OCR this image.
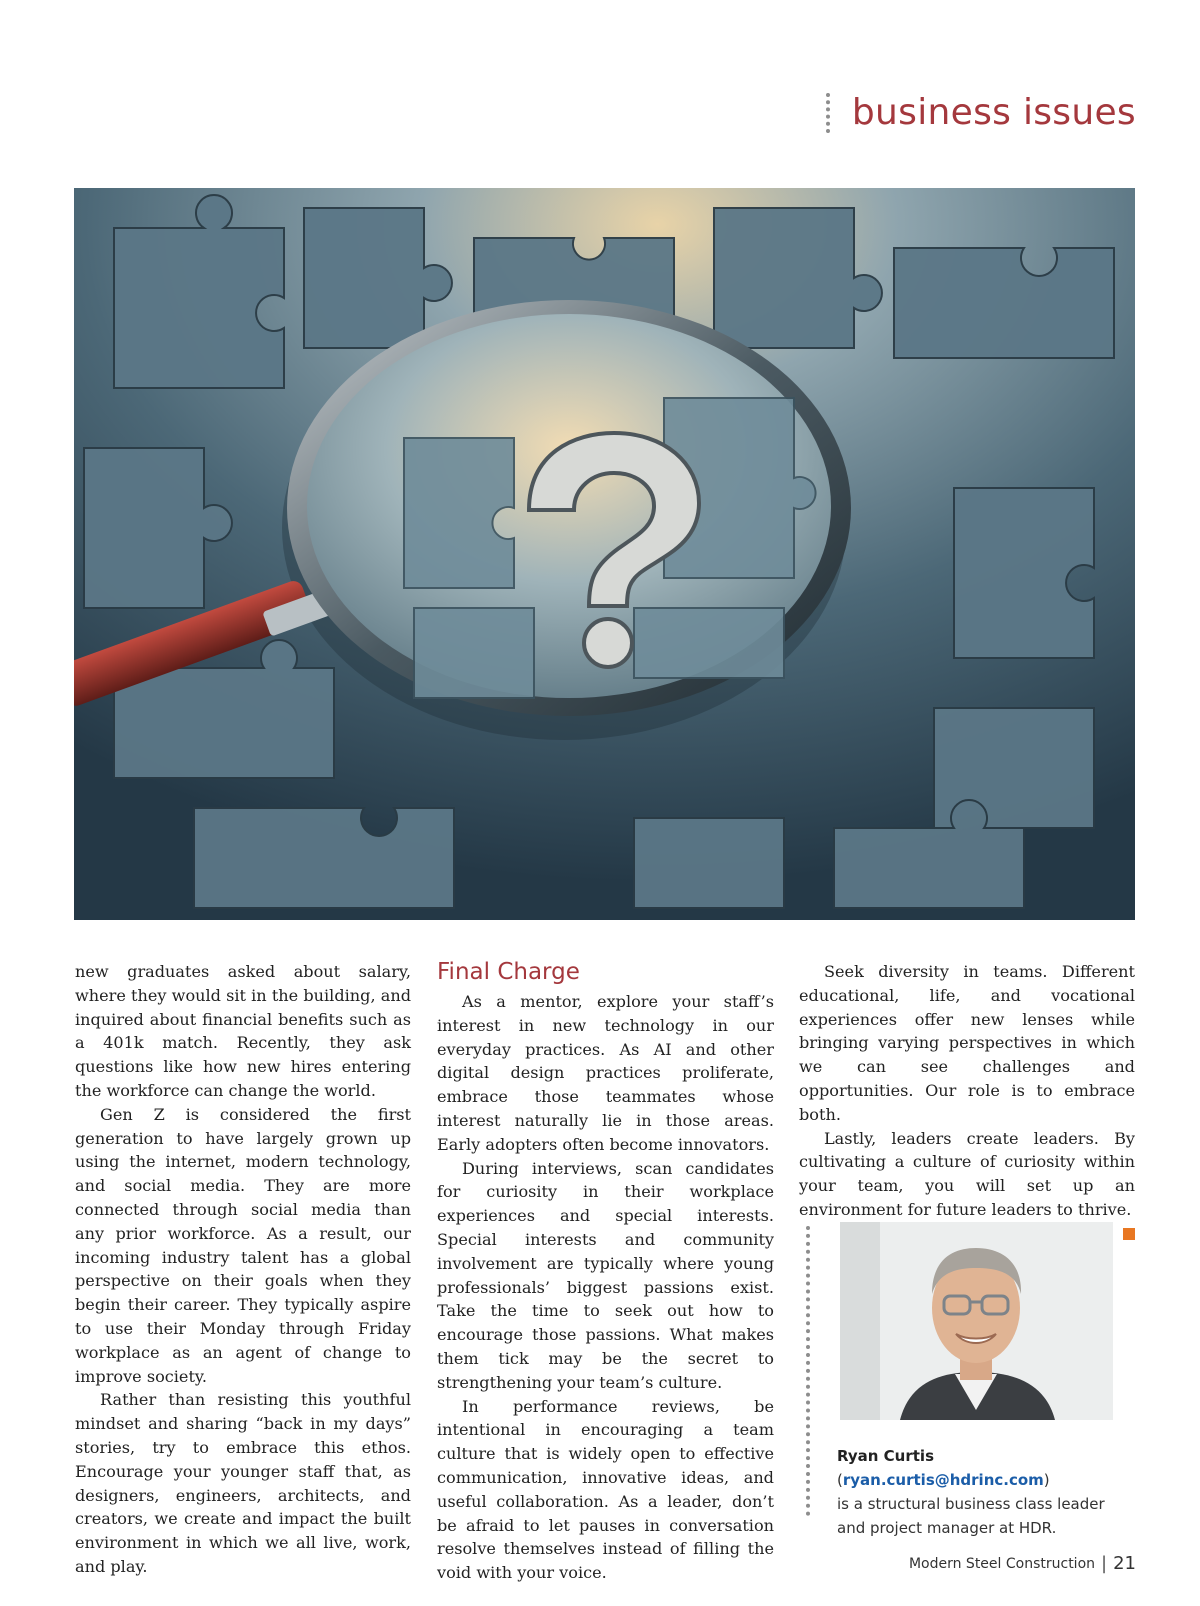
business issues

new graduates asked about salary, where they would sit in the building, and inquired about financial benefits such as a 401k match. Recently, they ask questions like how new hires entering the workforce can change the world.

Gen Z is considered the first generation to have largely grown up using the internet, modern technology, and social media. They are more connected through social media than any prior workforce. As a result, our incoming industry talent has a global perspective on their goals when they begin their career. They typically aspire to use their Monday through Friday workplace as an agent of change to improve society.

Rather than resisting this youthful mindset and sharing “back in my days” stories, try to embrace this ethos. Encourage your younger staff that, as designers, engineers, architects, and creators, we create and impact the built environment in which we all live, work, and play.

Final Charge

As a mentor, explore your staff’s interest in new technology in our everyday practices. As AI and other digital design practices proliferate, embrace those teammates whose interest naturally lie in those areas. Early adopters often become innovators.

During interviews, scan candidates for curiosity in their workplace experiences and special interests. Special interests and community involvement are typically where young professionals’ biggest passions exist. Take the time to seek out how to encourage those passions. What makes them tick may be the secret to strengthening your team’s culture.

In performance reviews, be intentional in encouraging a team culture that is widely open to effective communication, innovative ideas, and useful collaboration. As a leader, don’t be afraid to let pauses in conversation resolve themselves instead of filling the void with your voice.

Seek diversity in teams. Different educational, life, and vocational experiences offer new lenses while bringing varying perspectives in which we can see challenges and opportunities. Our role is to embrace both.

Lastly, leaders create leaders. By cultivating a culture of curiosity within your team, you will set up an environment for future leaders to thrive.

Ryan Curtis (ryan.curtis@hdrinc.com)
is a structural business class leader
and project manager at HDR.
Modern Steel Construction | 21
